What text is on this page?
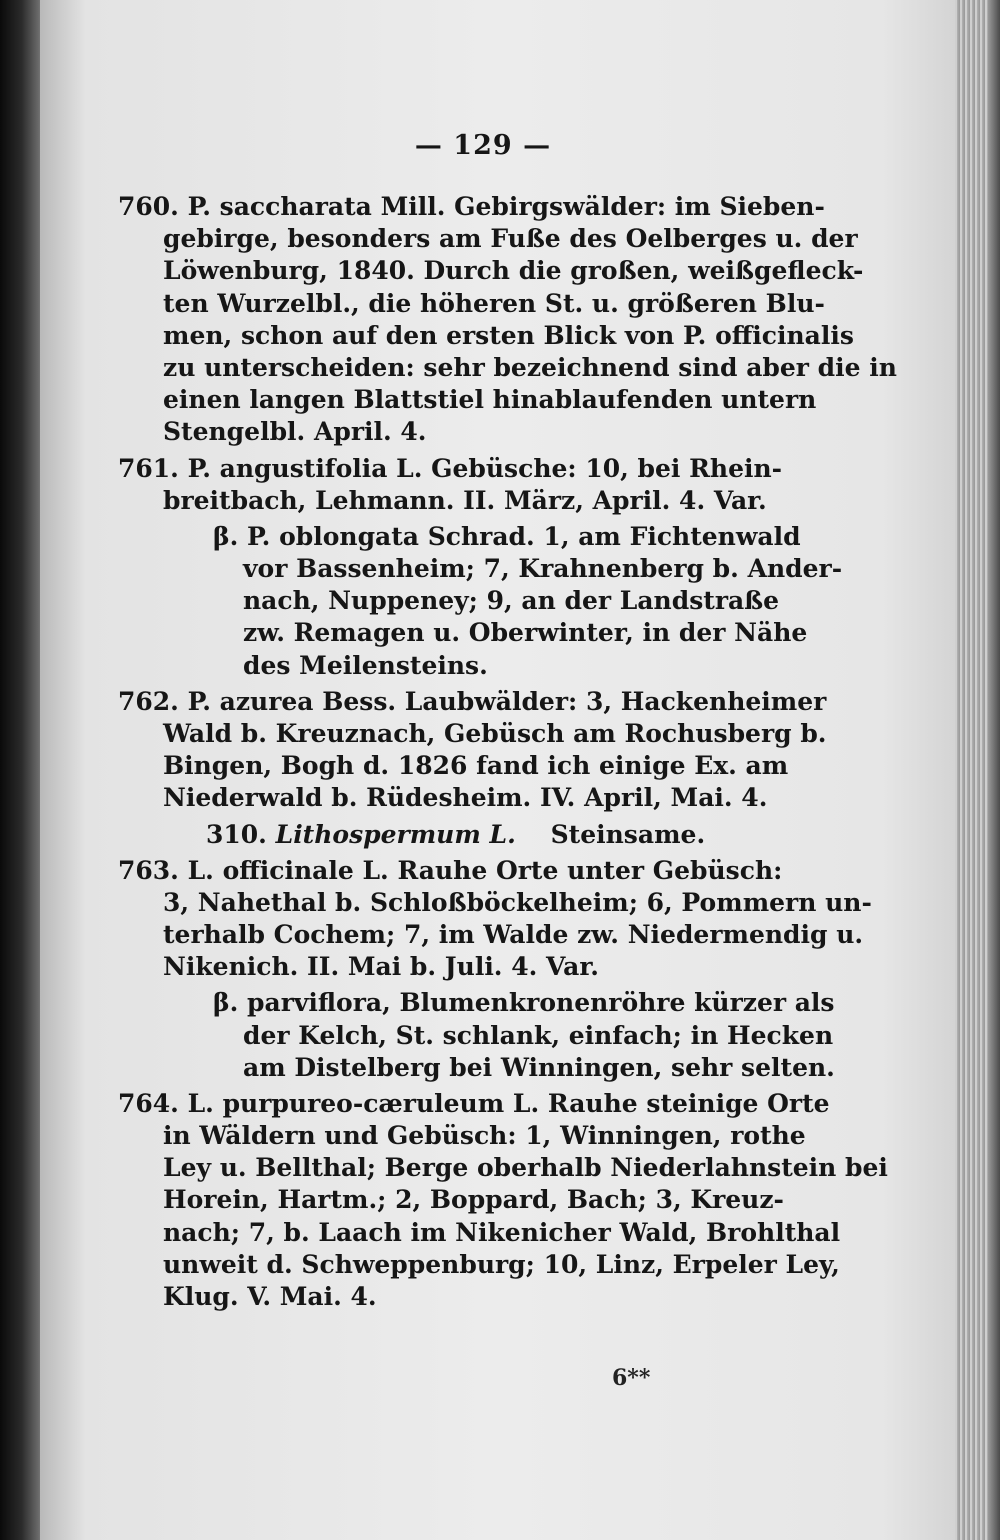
— 129 —
760. P. saccharata Mill. Gebirgswälder: im Sieben-
gebirge, besonders am Fuße des Oelberges u. der
Löwenburg, 1840. Durch die großen, weißgefleck-
ten Wurzelbl., die höheren St. u. größeren Blu-
men, schon auf den ersten Blick von P. officinalis
zu unterscheiden: sehr bezeichnend sind aber die in
einen langen Blattstiel hinablaufenden untern
Stengelbl. April. 4.
761. P. angustifolia L. Gebüsche: 10, bei Rhein-
breitbach, Lehmann. II. März, April. 4. Var.
β. P. oblongata Schrad. 1, am Fichtenwald
vor Bassenheim; 7, Krahnenberg b. Ander-
nach, Nuppeney; 9, an der Landstraße
zw. Remagen u. Oberwinter, in der Nähe
des Meilensteins.
762. P. azurea Bess. Laubwälder: 3, Hackenheimer
Wald b. Kreuznach, Gebüsch am Rochusberg b.
Bingen, Bogh d. 1826 fand ich einige Ex. am
Niederwald b. Rüdesheim. IV. April, Mai. 4.
310. Lithospermum L. Steinsame.
763. L. officinale L. Rauhe Orte unter Gebüsch:
3, Nahethal b. Schloßböckelheim; 6, Pommern un-
terhalb Cochem; 7, im Walde zw. Niedermendig u.
Nikenich. II. Mai b. Juli. 4. Var.
β. parviflora, Blumenkronenröhre kürzer als
der Kelch, St. schlank, einfach; in Hecken
am Distelberg bei Winningen, sehr selten.
764. L. purpureo-cæruleum L. Rauhe steinige Orte
in Wäldern und Gebüsch: 1, Winningen, rothe
Ley u. Bellthal; Berge oberhalb Niederlahnstein bei
Horein, Hartm.; 2, Boppard, Bach; 3, Kreuz-
nach; 7, b. Laach im Nikenicher Wald, Brohlthal
unweit d. Schweppenburg; 10, Linz, Erpeler Ley,
Klug. V. Mai. 4.
6**
